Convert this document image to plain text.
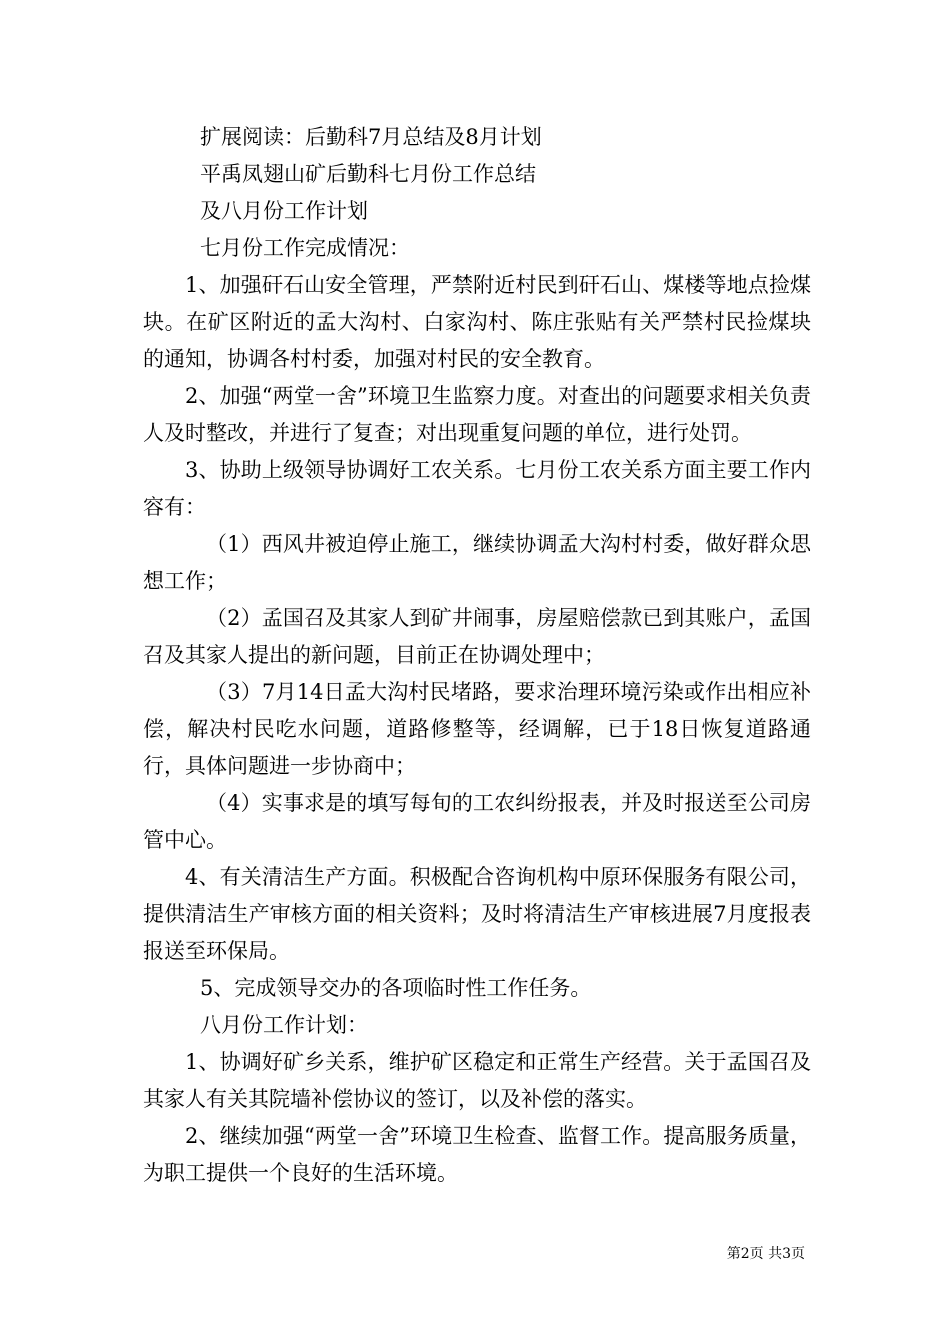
扩展阅读：后勤科7月总结及8月计划

平禹凤翅山矿后勤科七月份工作总结

及八月份工作计划

七月份工作完成情况：

1、加强矸石山安全管理，严禁附近村民到矸石山、煤楼等地点捡煤块。在矿区附近的孟大沟村、白家沟村、陈庄张贴有关严禁村民捡煤块的通知，协调各村村委，加强对村民的安全教育。

2、加强“两堂一舍”环境卫生监察力度。对查出的问题要求相关负责人及时整改，并进行了复查；对出现重复问题的单位，进行处罚。

3、协助上级领导协调好工农关系。七月份工农关系方面主要工作内容有：

（1）西风井被迫停止施工，继续协调孟大沟村村委，做好群众思想工作；

（2）孟国召及其家人到矿井闹事，房屋赔偿款已到其账户，孟国召及其家人提出的新问题，目前正在协调处理中；

（3）7月14日孟大沟村民堵路，要求治理环境污染或作出相应补偿，解决村民吃水问题，道路修整等，经调解，已于18日恢复道路通行，具体问题进一步协商中；

（4）实事求是的填写每旬的工农纠纷报表，并及时报送至公司房管中心。

4、有关清洁生产方面。积极配合咨询机构中原环保服务有限公司，提供清洁生产审核方面的相关资料；及时将清洁生产审核进展7月度报表报送至环保局。

5、完成领导交办的各项临时性工作任务。

八月份工作计划：

1、协调好矿乡关系，维护矿区稳定和正常生产经营。关于孟国召及其家人有关其院墙补偿协议的签订，以及补偿的落实。

2、继续加强“两堂一舍”环境卫生检查、监督工作。提高服务质量，为职工提供一个良好的生活环境。

第2页 共3页
